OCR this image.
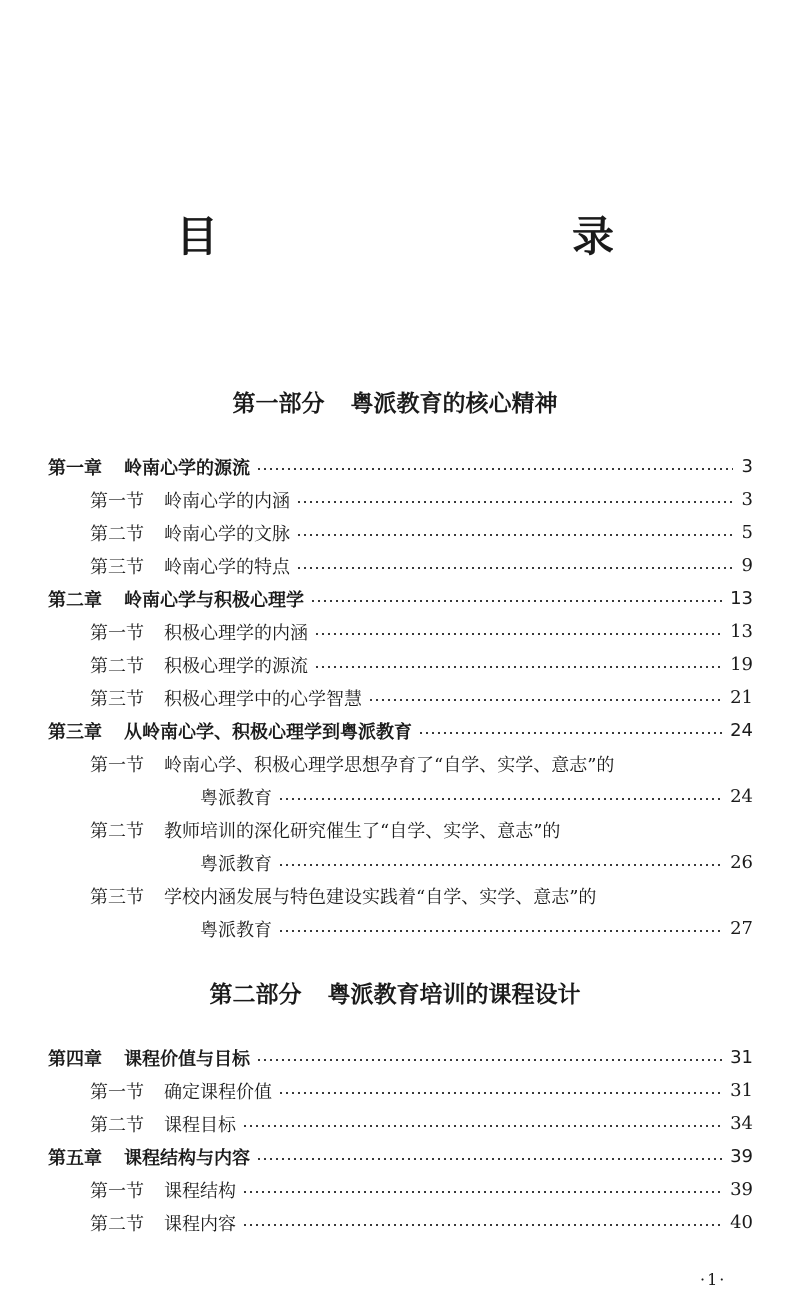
目　　录
第一部分 粤派教育的核心精神
第一章 岭南心学的源流	3
第一节 岭南心学的内涵	3
第二节 岭南心学的文脉	5
第三节 岭南心学的特点	9
第二章 岭南心学与积极心理学	13
第一节 积极心理学的内涵	13
第二节 积极心理学的源流	19
第三节 积极心理学中的心学智慧	21
第三章 从岭南心学、积极心理学到粤派教育	24
第一节 岭南心学、积极心理学思想孕育了“自学、实学、意志”的
粤派教育	24
第二节 教师培训的深化研究催生了“自学、实学、意志”的
粤派教育	26
第三节 学校内涵发展与特色建设实践着“自学、实学、意志”的
粤派教育	27
第二部分 粤派教育培训的课程设计
第四章 课程价值与目标	31
第一节 确定课程价值	31
第二节 课程目标	34
第五章 课程结构与内容	39
第一节 课程结构	39
第二节 课程内容	40
·1·
